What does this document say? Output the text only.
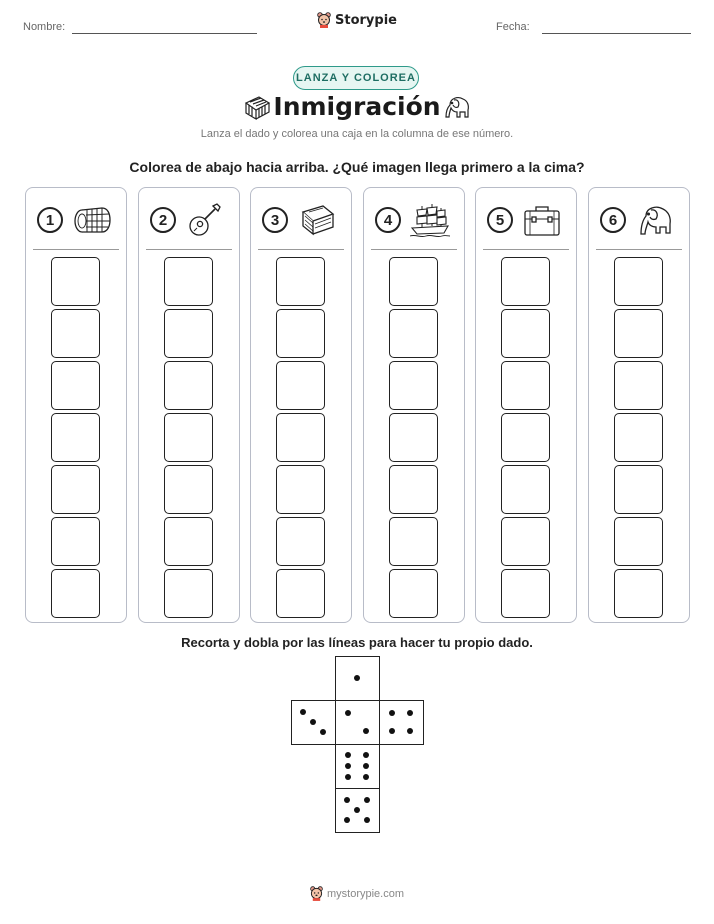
Nombre:	Storypie	Fecha:
LANZA Y COLOREA
Inmigración
Lanza el dado y colorea una caja en la columna de ese número.
Colorea de abajo hacia arriba. ¿Qué imagen llega primero a la cima?
1	2	3	4	5	6
Recorta y dobla por las líneas para hacer tu propio dado.
mystorypie.com
